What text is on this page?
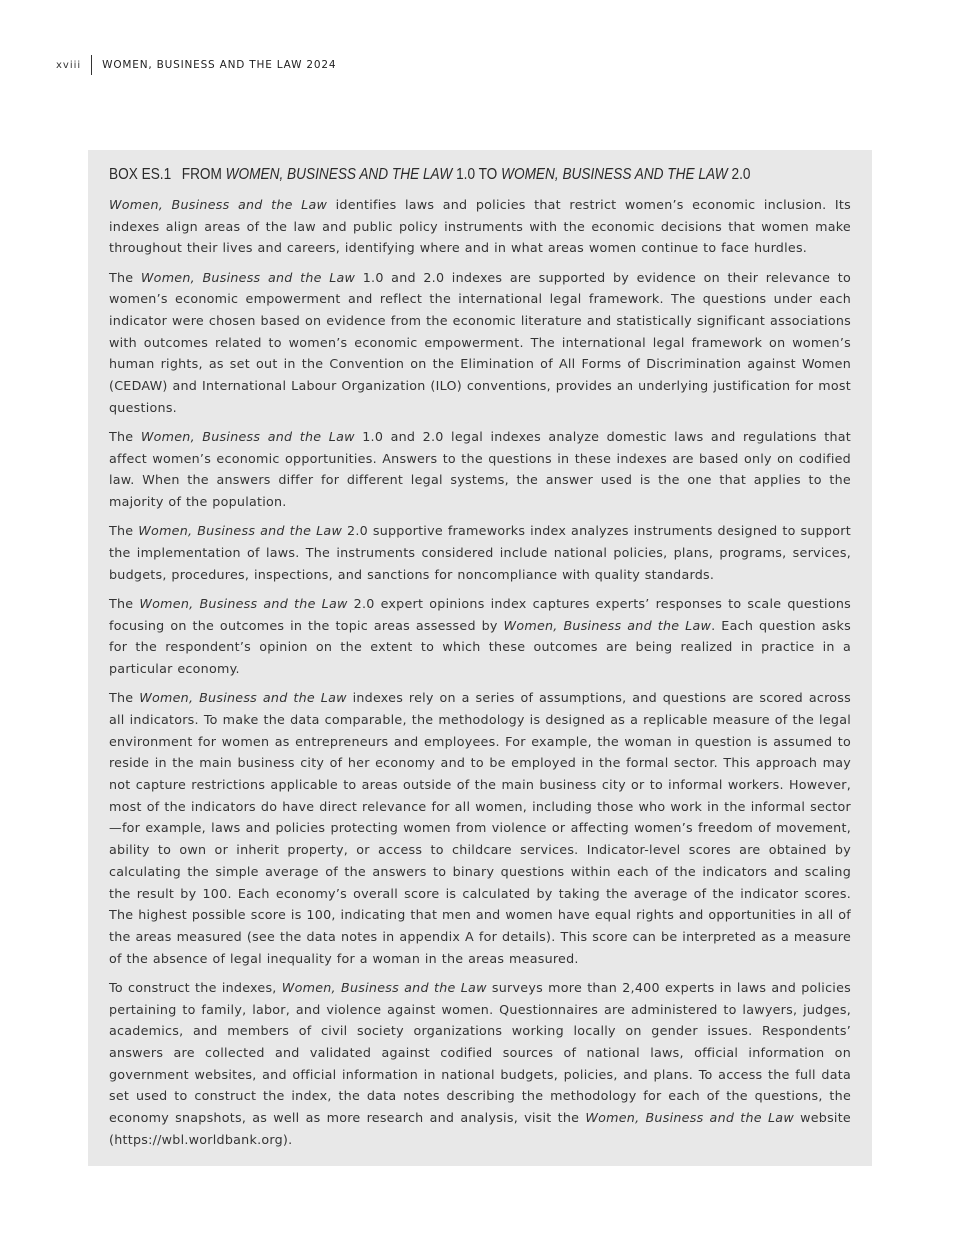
xviii	WOMEN, BUSINESS AND THE LAW 2024
BOX ES.1 FROM WOMEN, BUSINESS AND THE LAW 1.0 TO WOMEN, BUSINESS AND THE LAW 2.0

Women, Business and the Law identifies laws and policies that restrict women’s economic inclusion. Its indexes align areas of the law and public policy instruments with the economic decisions that women make throughout their lives and careers, identifying where and in what areas women continue to face hurdles.

The Women, Business and the Law 1.0 and 2.0 indexes are supported by evidence on their relevance to women’s economic empowerment and reflect the international legal framework. The questions under each indicator were chosen based on evidence from the economic literature and statistically significant associations with outcomes related to women’s economic empowerment. The international legal framework on women’s human rights, as set out in the Convention on the Elimination of All Forms of Discrimination against Women (CEDAW) and International Labour Organization (ILO) conventions, provides an underlying justification for most questions.

The Women, Business and the Law 1.0 and 2.0 legal indexes analyze domestic laws and regulations that affect women’s economic opportunities. Answers to the questions in these indexes are based only on codified law. When the answers differ for different legal systems, the answer used is the one that applies to the majority of the population.

The Women, Business and the Law 2.0 supportive frameworks index analyzes instruments designed to support the implementation of laws. The instruments considered include national policies, plans, programs, services, budgets, procedures, inspections, and sanctions for noncompliance with quality standards.

The Women, Business and the Law 2.0 expert opinions index captures experts’ responses to scale questions focusing on the outcomes in the topic areas assessed by Women, Business and the Law. Each question asks for the respondent’s opinion on the extent to which these outcomes are being realized in practice in a particular economy.

The Women, Business and the Law indexes rely on a series of assumptions, and questions are scored across all indicators. To make the data comparable, the methodology is designed as a replicable measure of the legal environment for women as entrepreneurs and employees. For example, the woman in question is assumed to reside in the main business city of her economy and to be employed in the formal sector. This approach may not capture restrictions applicable to areas outside of the main business city or to informal workers. However, most of the indicators do have direct relevance for all women, including those who work in the informal sector—for example, laws and policies protecting women from violence or affecting women’s freedom of movement, ability to own or inherit property, or access to childcare services. Indicator-level scores are obtained by calculating the simple average of the answers to binary questions within each of the indicators and scaling the result by 100. Each economy’s overall score is calculated by taking the average of the indicator scores. The highest possible score is 100, indicating that men and women have equal rights and opportunities in all of the areas measured (see the data notes in appendix A for details). This score can be interpreted as a measure of the absence of legal inequality for a woman in the areas measured.

To construct the indexes, Women, Business and the Law surveys more than 2,400 experts in laws and policies pertaining to family, labor, and violence against women. Questionnaires are administered to lawyers, judges, academics, and members of civil society organizations working locally on gender issues. Respondents’ answers are collected and validated against codified sources of national laws, official information on government websites, and official information in national budgets, policies, and plans. To access the full data set used to construct the index, the data notes describing the methodology for each of the questions, the economy snapshots, as well as more research and analysis, visit the Women, Business and the Law website (https://wbl.worldbank.org).
